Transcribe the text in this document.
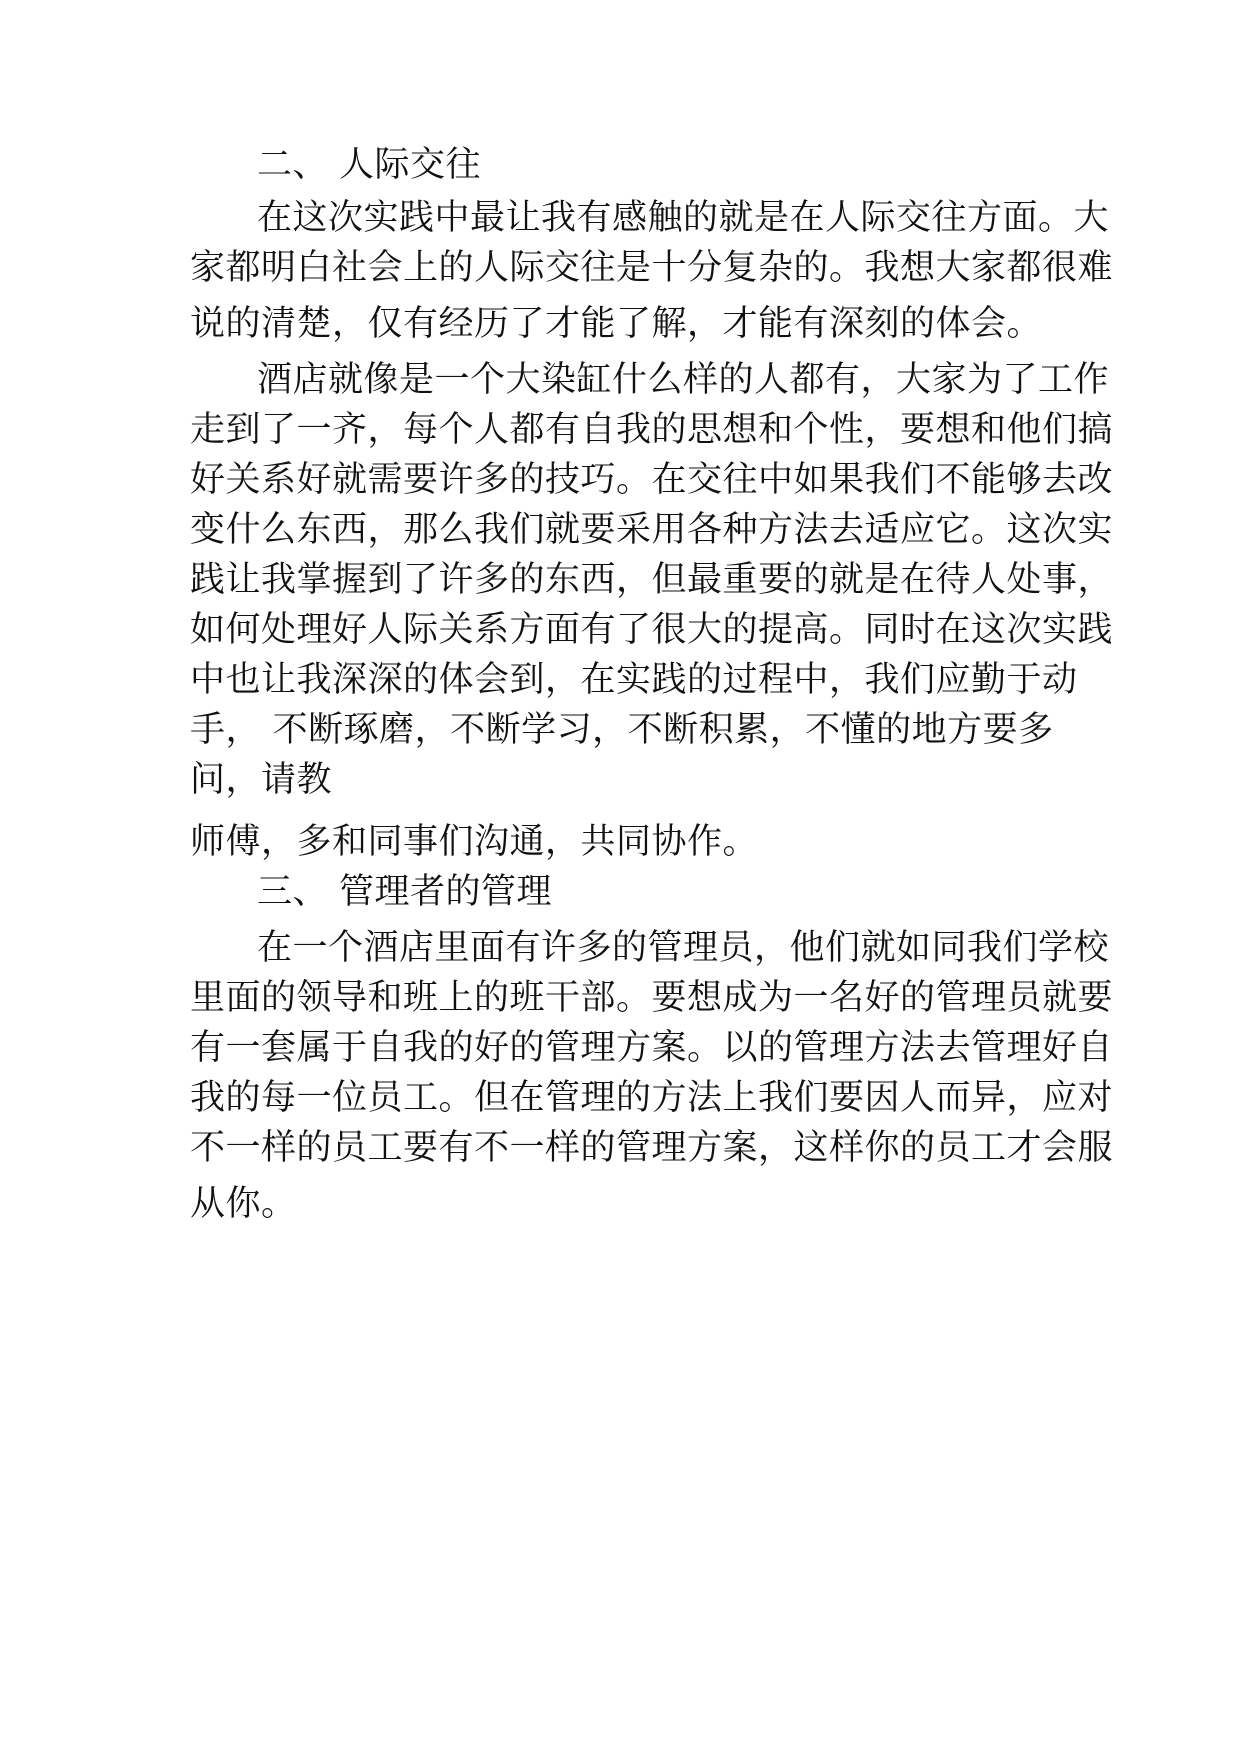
二、 人际交往
在这次实践中最让我有感触的就是在人际交往方面。大
家都明白社会上的人际交往是十分复杂的。我想大家都很难
说的清楚，仅有经历了才能了解，才能有深刻的体会。
酒店就像是一个大染缸什么样的人都有，大家为了工作
走到了一齐，每个人都有自我的思想和个性，要想和他们搞
好关系好就需要许多的技巧。在交往中如果我们不能够去改
变什么东西，那么我们就要采用各种方法去适应它。这次实
践让我掌握到了许多的东西，但最重要的就是在待人处事，
如何处理好人际关系方面有了很大的提高。同时在这次实践
中也让我深深的体会到，在实践的过程中，我们应勤于动
手， 不断琢磨，不断学习，不断积累，不懂的地方要多
问，请教
师傅，多和同事们沟通，共同协作。
三、 管理者的管理
在一个酒店里面有许多的管理员，他们就如同我们学校
里面的领导和班上的班干部。要想成为一名好的管理员就要
有一套属于自我的好的管理方案。以的管理方法去管理好自
我的每一位员工。但在管理的方法上我们要因人而异，应对
不一样的员工要有不一样的管理方案，这样你的员工才会服
从你。
